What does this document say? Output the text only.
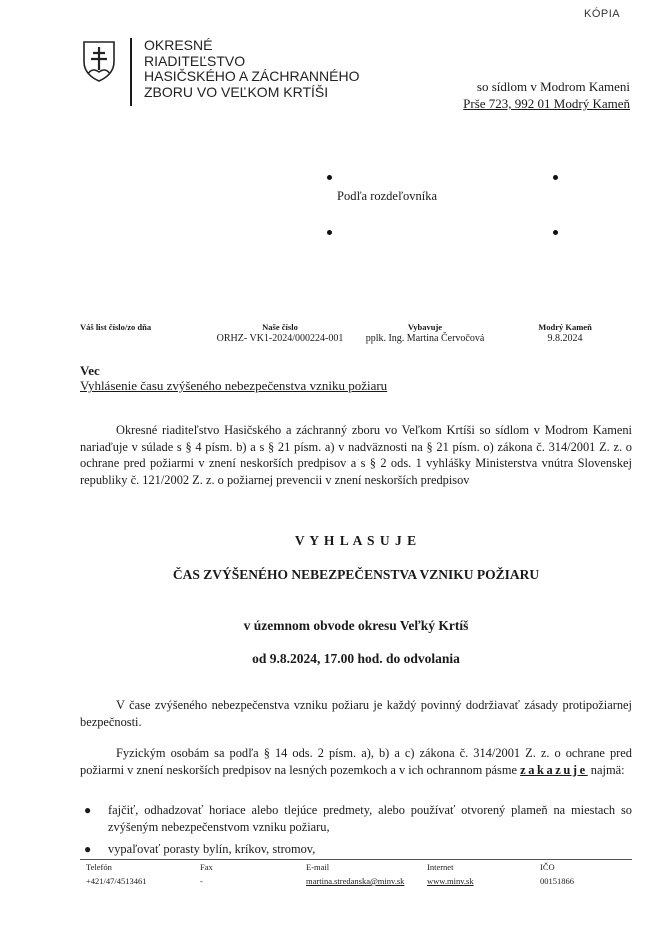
KÓPIA
OKRESNÉ
RIADITEĽSTVO
HASIČSKÉHO A ZÁCHRANNÉHO
ZBORU VO VEĽKOM KRTÍŠI	so sídlom v Modrom Kameni
Prše 723, 992 01 Modrý Kameň
Podľa rozdeľovníka
Váš list číslo/zo dňa	Naše číslo
ORHZ- VK1-2024/000224-001
Vybavuje
pplk. Ing. Martina Červočová
Modrý Kameň
9.8.2024
Vec
Vyhlásenie času zvýšeného nebezpečenstva vzniku požiaru
Okresné riaditeľstvo Hasičského a záchranný zboru vo Veľkom Krtíši so sídlom v Modrom Kameni nariaďuje v súlade s § 4 písm. b) a s § 21 písm. a) v nadväznosti na § 21 písm. o) zákona č. 314/2001 Z. z. o ochrane pred požiarmi v znení neskorších predpisov a s § 2 ods. 1 vyhlášky Ministerstva vnútra Slovenskej republiky č. 121/2002 Z. z. o požiarnej prevencii v znení neskorších predpisov
V Y H L A S U J E
ČAS ZVÝŠENÉHO NEBEZPEČENSTVA VZNIKU POŽIARU
v územnom obvode okresu Veľký Krtíš
od 9.8.2024, 17.00 hod. do odvolania
V čase zvýšeného nebezpečenstva vzniku požiaru je každý povinný dodržiavať zásady protipožiarnej bezpečnosti.
Fyzickým osobám sa podľa § 14 ods. 2 písm. a), b) a c) zákona č. 314/2001 Z. z. o ochrane pred požiarmi v znení neskorších predpisov na lesných pozemkoch a v ich ochrannom pásme zakazuje najmä:
● fajčiť, odhadzovať horiace alebo tlejúce predmety, alebo používať otvorený plameň na miestach so zvýšeným nebezpečenstvom vzniku požiaru,
● vypaľovať porasty bylín, kríkov, stromov,
Telefón
+421/47/4513461
Fax
-
E-mail
martina.stredanska@minv.sk
Internet
www.minv.sk
IČO
00151866
